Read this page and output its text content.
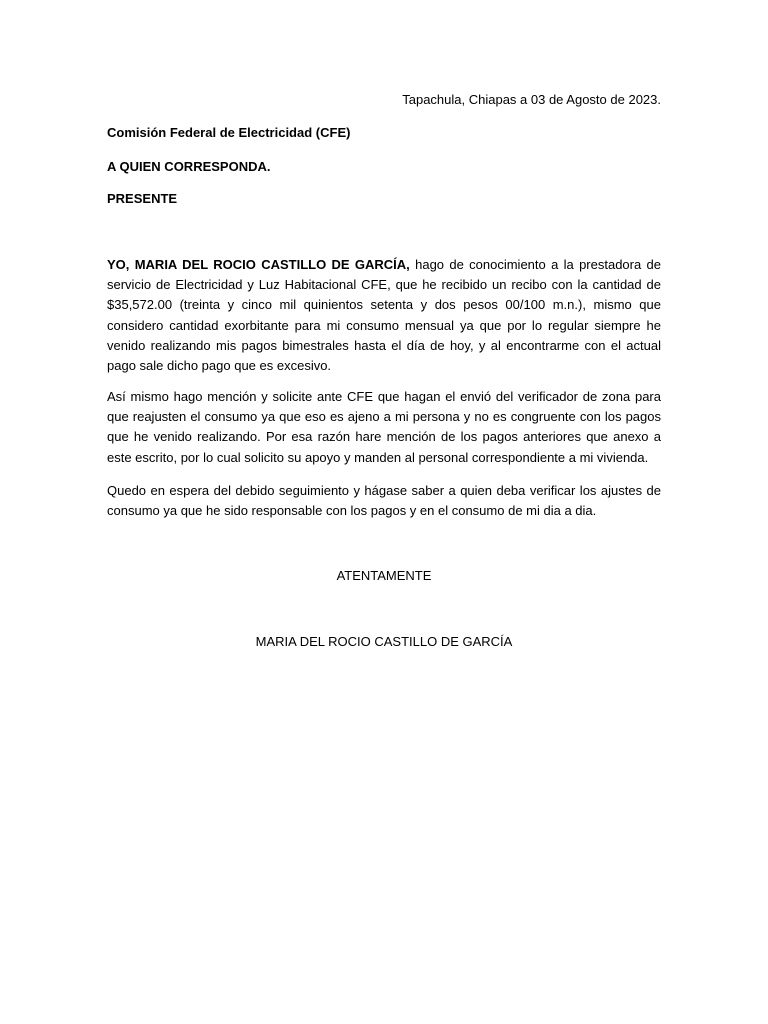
Tapachula, Chiapas a 03 de Agosto de 2023.
Comisión Federal de Electricidad (CFE)
A QUIEN CORRESPONDA.
PRESENTE

YO, MARIA DEL ROCIO CASTILLO DE GARCÍA, hago de conocimiento a la prestadora de servicio de Electricidad y Luz Habitacional CFE, que he recibido un recibo con la cantidad de $35,572.00 (treinta y cinco mil quinientos setenta y dos pesos 00/100 m.n.), mismo que considero cantidad exorbitante para mi consumo mensual ya que por lo regular siempre he venido realizando mis pagos bimestrales hasta el día de hoy, y al encontrarme con el actual pago sale dicho pago que es excesivo.

Así mismo hago mención y solicite ante CFE que hagan el envió del verificador de zona para que reajusten el consumo ya que eso es ajeno a mi persona y no es congruente con los pagos que he venido realizando. Por esa razón hare mención de los pagos anteriores que anexo a este escrito, por lo cual solicito su apoyo y manden al personal correspondiente a mi vivienda.

Quedo en espera del debido seguimiento y hágase saber a quien deba verificar los ajustes de consumo ya que he sido responsable con los pagos y en el consumo de mi dia a dia.

ATENTAMENTE
MARIA DEL ROCIO CASTILLO DE GARCÍA
